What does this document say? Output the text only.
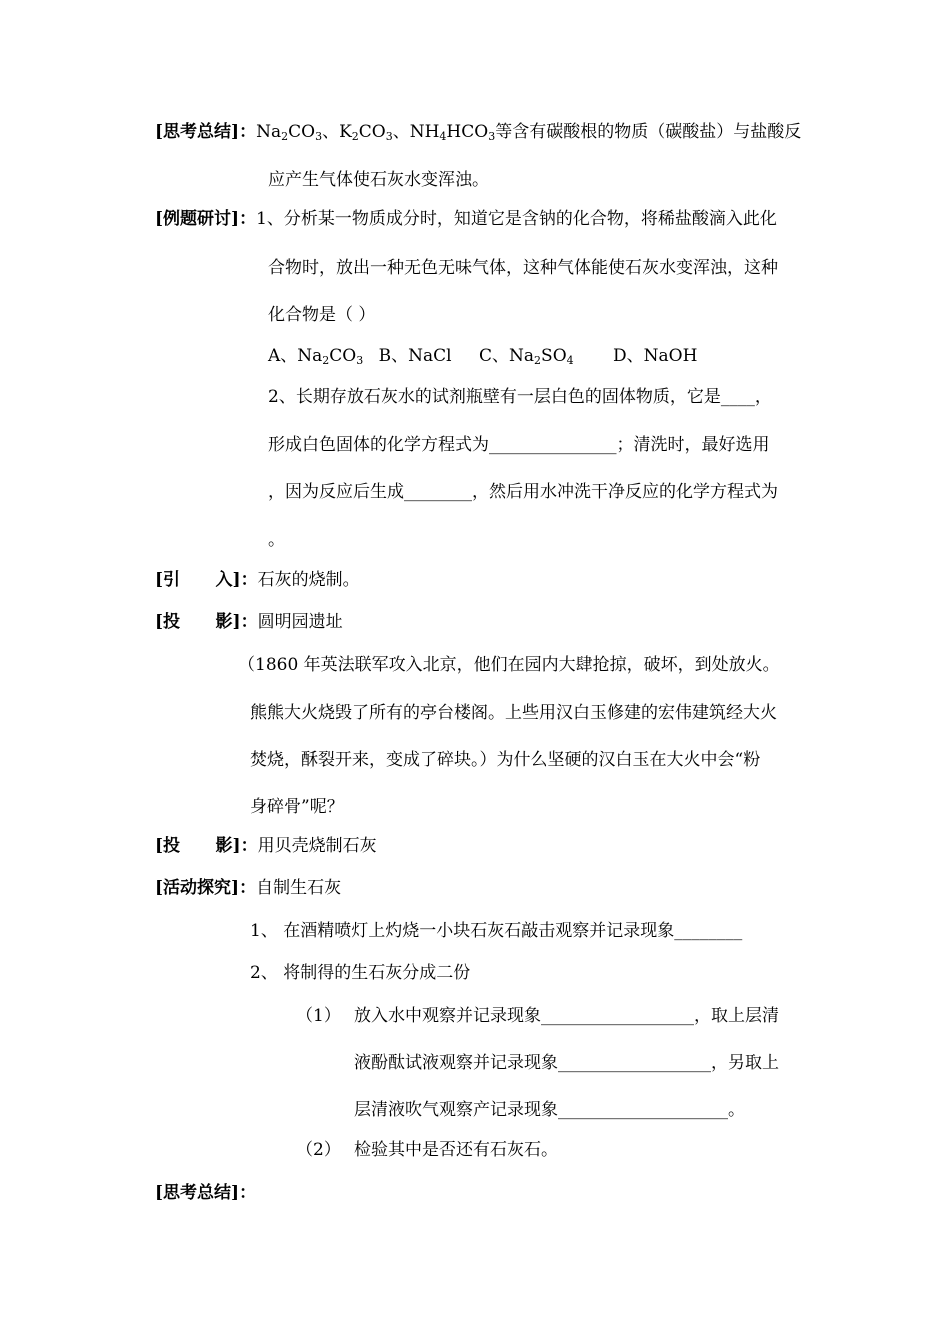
[思考总结]：$Na_2CO_3$、$K_2CO_3$、$NH_4HCO_3$等含有碳酸根的物质（碳酸盐）与盐酸反
应产生气体使石灰水变浑浊。
[例题研讨]：1、分析某一物质成分时，知道它是含钠的化合物，将稀盐酸滴入此化
合物时，放出一种无色无味气体，这种气体能使石灰水变浑浊，这种
化合物是（ ）
A、$Na_2CO_3$ B、NaCl C、$Na_2SO_4$ D、NaOH
2、长期存放石灰水的试剂瓶壁有一层白色的固体物质，它是____，
形成白色固体的化学方程式为_______________；清洗时，最好选用
，因为反应后生成________，然后用水冲洗干净反应的化学方程式为
。
[引      入]：石灰的烧制。
[投      影]：圆明园遗址
（1860 年英法联军攻入北京，他们在园内大肆抢掠，破坏，到处放火。
熊熊大火烧毁了所有的亭台楼阁。上些用汉白玉修建的宏伟建筑经大火
焚烧，酥裂开来，变成了碎块。）为什么坚硬的汉白玉在大火中会“粉
身碎骨”呢？
[投      影]：用贝壳烧制石灰
[活动探究]：自制生石灰
1、 在酒精喷灯上灼烧一小块石灰石敲击观察并记录现象________
2、 将制得的生石灰分成二份
（1） 放入水中观察并记录现象__________________，取上层清
液酚酞试液观察并记录现象__________________，另取上
层清液吹气观察产记录现象____________________。
（2） 检验其中是否还有石灰石。
[思考总结]：
